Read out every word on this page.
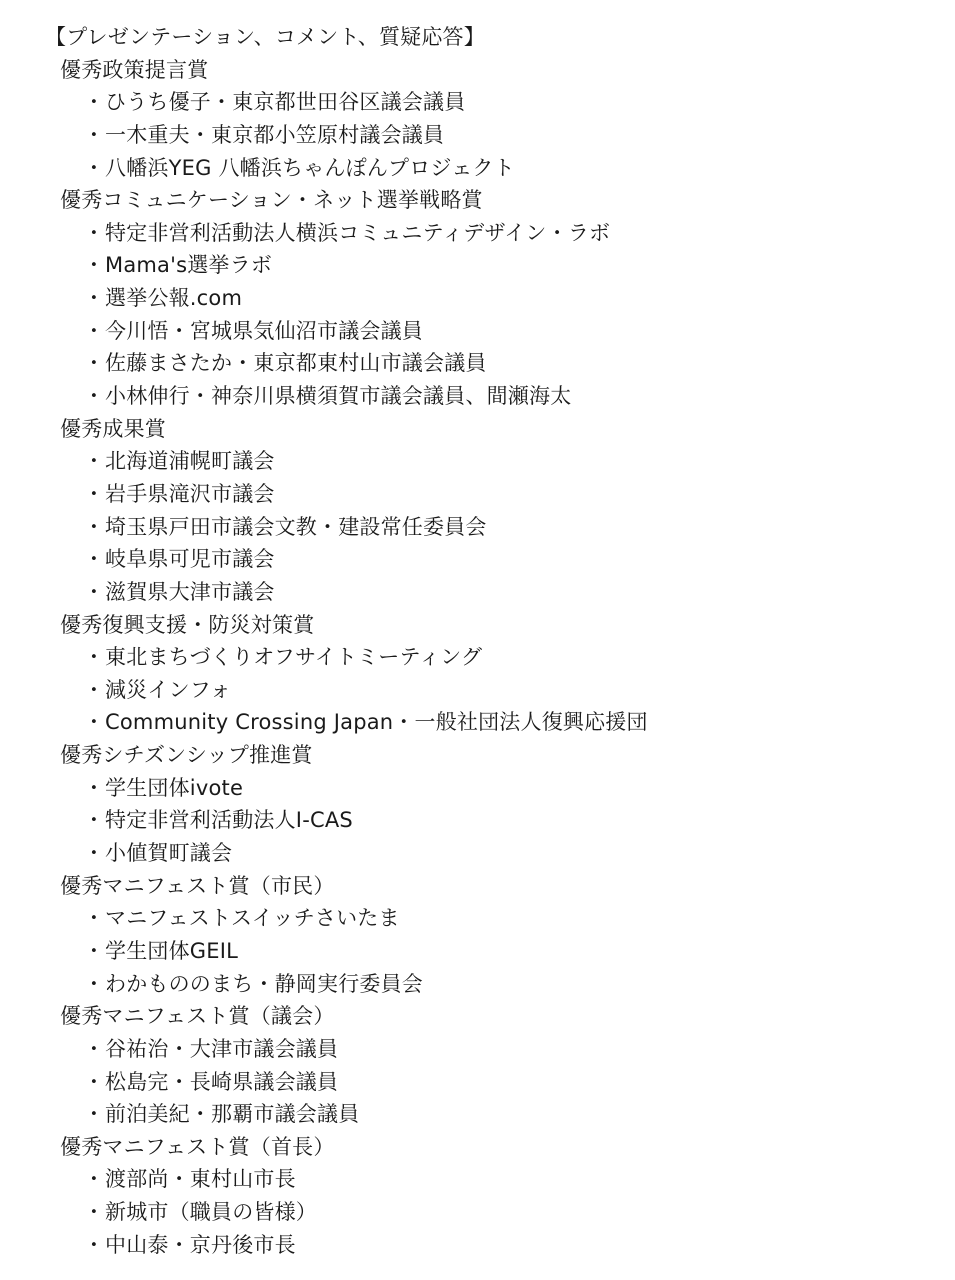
【プレゼンテーション、コメント、質疑応答】
優秀政策提言賞
・ひうち優子・東京都世田谷区議会議員
・一木重夫・東京都小笠原村議会議員
・八幡浜YEG 八幡浜ちゃんぽんプロジェクト
優秀コミュニケーション・ネット選挙戦略賞
・特定非営利活動法人横浜コミュニティデザイン・ラボ
・Mama's選挙ラボ
・選挙公報.com
・今川悟・宮城県気仙沼市議会議員
・佐藤まさたか・東京都東村山市議会議員
・小林伸行・神奈川県横須賀市議会議員、間瀬海太
優秀成果賞
・北海道浦幌町議会
・岩手県滝沢市議会
・埼玉県戸田市議会文教・建設常任委員会
・岐阜県可児市議会
・滋賀県大津市議会
優秀復興支援・防災対策賞
・東北まちづくりオフサイトミーティング
・減災インフォ
・Community Crossing Japan・一般社団法人復興応援団
優秀シチズンシップ推進賞
・学生団体ivote
・特定非営利活動法人I-CAS
・小値賀町議会
優秀マニフェスト賞（市民）
・マニフェストスイッチさいたま
・学生団体GEIL
・わかもののまち・静岡実行委員会
優秀マニフェスト賞（議会）
・谷祐治・大津市議会議員
・松島完・長崎県議会議員
・前泊美紀・那覇市議会議員
優秀マニフェスト賞（首長）
・渡部尚・東村山市長
・新城市（職員の皆様）
・中山泰・京丹後市長
